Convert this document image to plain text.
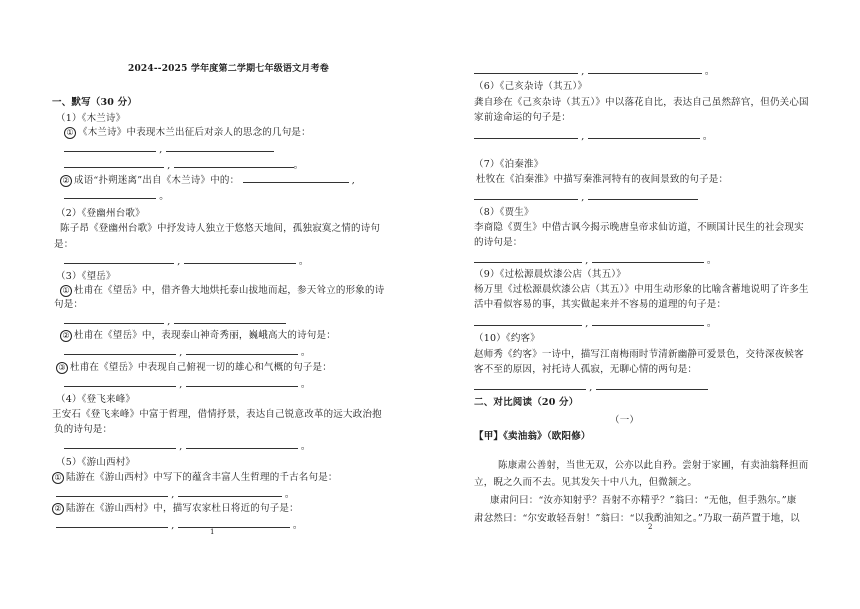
2024--2025 学年度第二学期七年级语文月考卷
一、默写（30 分）
（1）《木兰诗》
① 《木兰诗》中表现木兰出征后对亲人的思念的几句是：
,
,	。
② 成语“扑朔迷离”出自《木兰诗》中的：	,
。
（2）《登幽州台歌》
陈子昂《登幽州台歌》中抒发诗人独立于悠悠天地间，孤独寂寞之情的诗句
是：
,	。
（3）《望岳》
① 杜甫在《望岳》中，借齐鲁大地烘托泰山拔地而起，参天耸立的形象的诗
句是：
,
② 杜甫在《望岳》中，表现泰山神奇秀丽，巍峨高大的诗句是：
,	。
③ 杜甫在《望岳》中表现自己俯视一切的雄心和气概的句子是：
,	。
（4）《登飞来峰》
王安石《登飞来峰》中富于哲理，借情抒景，表达自己锐意改革的远大政治抱
负的诗句是：
,	。
（5）《游山西村》
① 陆游在《游山西村》中写下的蕴含丰富人生哲理的千古名句是：
,	。
② 陆游在《游山西村》中，描写农家杜日将近的句子是：
,	。
1
,	。
（6）《己亥杂诗（其五）》
龚自珍在《己亥杂诗（其五）》中以落花自比，表达自己虽然辞官，但仍关心国
家前途命运的句子是：
,	。
（7）《泊秦淮》
杜牧在《泊秦淮》中描写秦淮河特有的夜间景致的句子是：
,
（8）《贾生》
李商隐《贾生》中借古讽今揭示晚唐皇帝求仙访道，不顾国计民生的社会现实
的诗句是：
,	。
（9）《过松源晨炊漆公店（其五）》
杨万里《过松源晨炊漆公店（其五）》中用生动形象的比喻含蓄地说明了许多生
活中看似容易的事，其实做起来并不容易的道理的句子是：
,	。
（10）《约客》
赵师秀《约客》一诗中，描写江南梅雨时节清新幽静可爱景色，交待深夜候客
客不至的原因，衬托诗人孤寂，无聊心情的两句是：
,
二、对比阅读（20 分）
（一）
【甲】《卖油翁》（欧阳修）
陈康肃公善射，当世无双，公亦以此自矜。尝射于家圃，有卖油翁释担而
立，睨之久而不去。见其发矢十中八九，但微颔之。
康肃问曰：“汝亦知射乎？吾射不亦精乎？”翁曰：“无他，但手熟尔。”康
肃忿然曰：“尔安敢轻吾射！”翁曰：“以我酌油知之。”乃取一葫芦置于地，以
2
